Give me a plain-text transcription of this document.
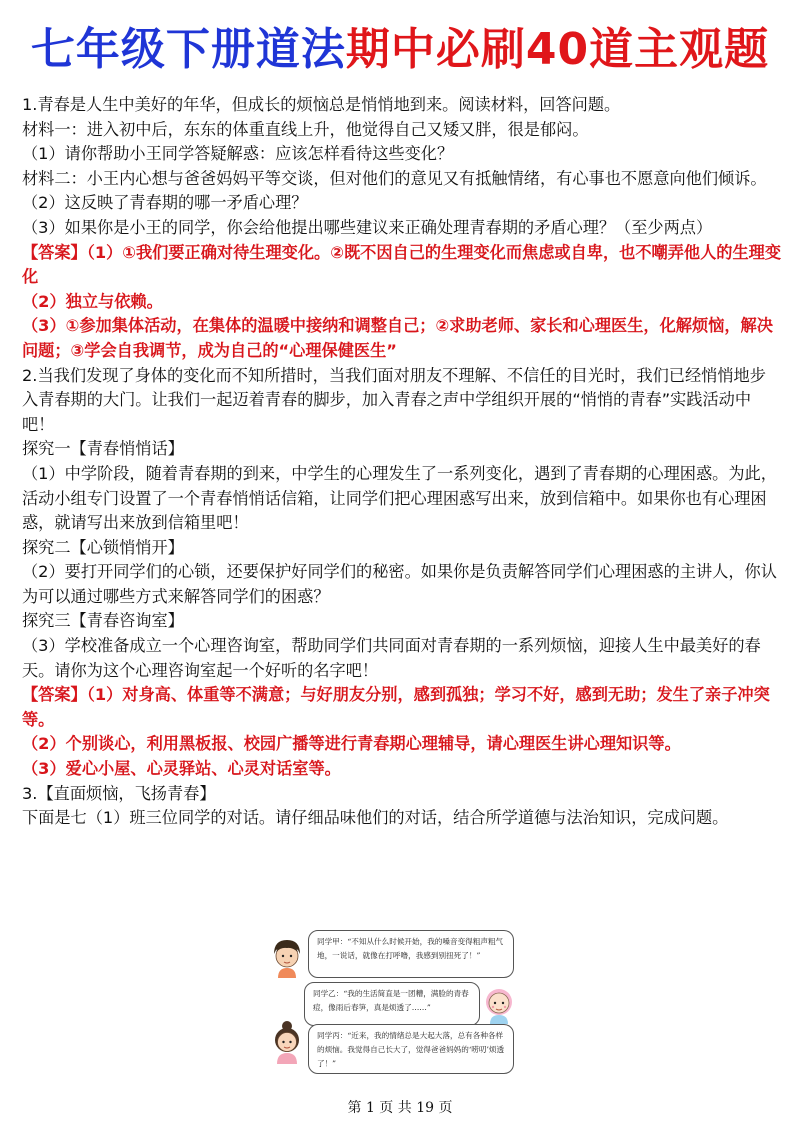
七年级下册道法期中必刷40道主观题

1.青春是人生中美好的年华，但成长的烦恼总是悄悄地到来。阅读材料，回答问题。

材料一：进入初中后，东东的体重直线上升，他觉得自己又矮又胖，很是郁闷。

（1）请你帮助小王同学答疑解惑：应该怎样看待这些变化？

材料二：小王内心想与爸爸妈妈平等交谈，但对他们的意见又有抵触情绪，有心事也不愿意向他们倾诉。

（2）这反映了青春期的哪一矛盾心理？

（3）如果你是小王的同学，你会给他提出哪些建议来正确处理青春期的矛盾心理？（至少两点）

【答案】（1）①我们要正确对待生理变化。②既不因自己的生理变化而焦虑或自卑，也不嘲弄他人的生理变化

（2）独立与依赖。

（3）①参加集体活动，在集体的温暖中接纳和调整自己；②求助老师、家长和心理医生，化解烦恼，解决问题；③学会自我调节，成为自己的“心理保健医生”

2.当我们发现了身体的变化而不知所措时，当我们面对朋友不理解、不信任的目光时，我们已经悄悄地步入青春期的大门。让我们一起迈着青春的脚步，加入青春之声中学组织开展的“悄悄的青春”实践活动中吧！

探究一【青春悄悄话】

（1）中学阶段，随着青春期的到来，中学生的心理发生了一系列变化，遇到了青春期的心理困惑。为此，活动小组专门设置了一个青春悄悄话信箱，让同学们把心理困惑写出来，放到信箱中。如果你也有心理困惑，就请写出来放到信箱里吧！

探究二【心锁悄悄开】

（2）要打开同学们的心锁，还要保护好同学们的秘密。如果你是负责解答同学们心理困惑的主讲人，你认为可以通过哪些方式来解答同学们的困惑？

探究三【青春咨询室】

（3）学校准备成立一个心理咨询室，帮助同学们共同面对青春期的一系列烦恼，迎接人生中最美好的春天。请你为这个心理咨询室起一个好听的名字吧！

【答案】（1）对身高、体重等不满意；与好朋友分别，感到孤独；学习不好，感到无助；发生了亲子冲突等。

（2）个别谈心，利用黑板报、校园广播等进行青春期心理辅导，请心理医生讲心理知识等。

（3）爱心小屋、心灵驿站、心灵对话室等。

3.【直面烦恼，飞扬青春】

下面是七（1）班三位同学的对话。请仔细品味他们的对话，结合所学道德与法治知识，完成问题。

同学甲：“不知从什么时候开始，我的嗓音变得粗声粗气地，一说话，就像在打呼噜，我感到别扭死了！”
同学乙：“我的生活简直是一团糟，满脸的青春痘，像雨后春笋，真是烦透了……”
同学丙：“近来，我的情绪总是大起大落，总有各种各样的烦恼。我觉得自己长大了，觉得爸爸妈妈的‘唠叨’烦透了！”
第 1 页 共 19 页
